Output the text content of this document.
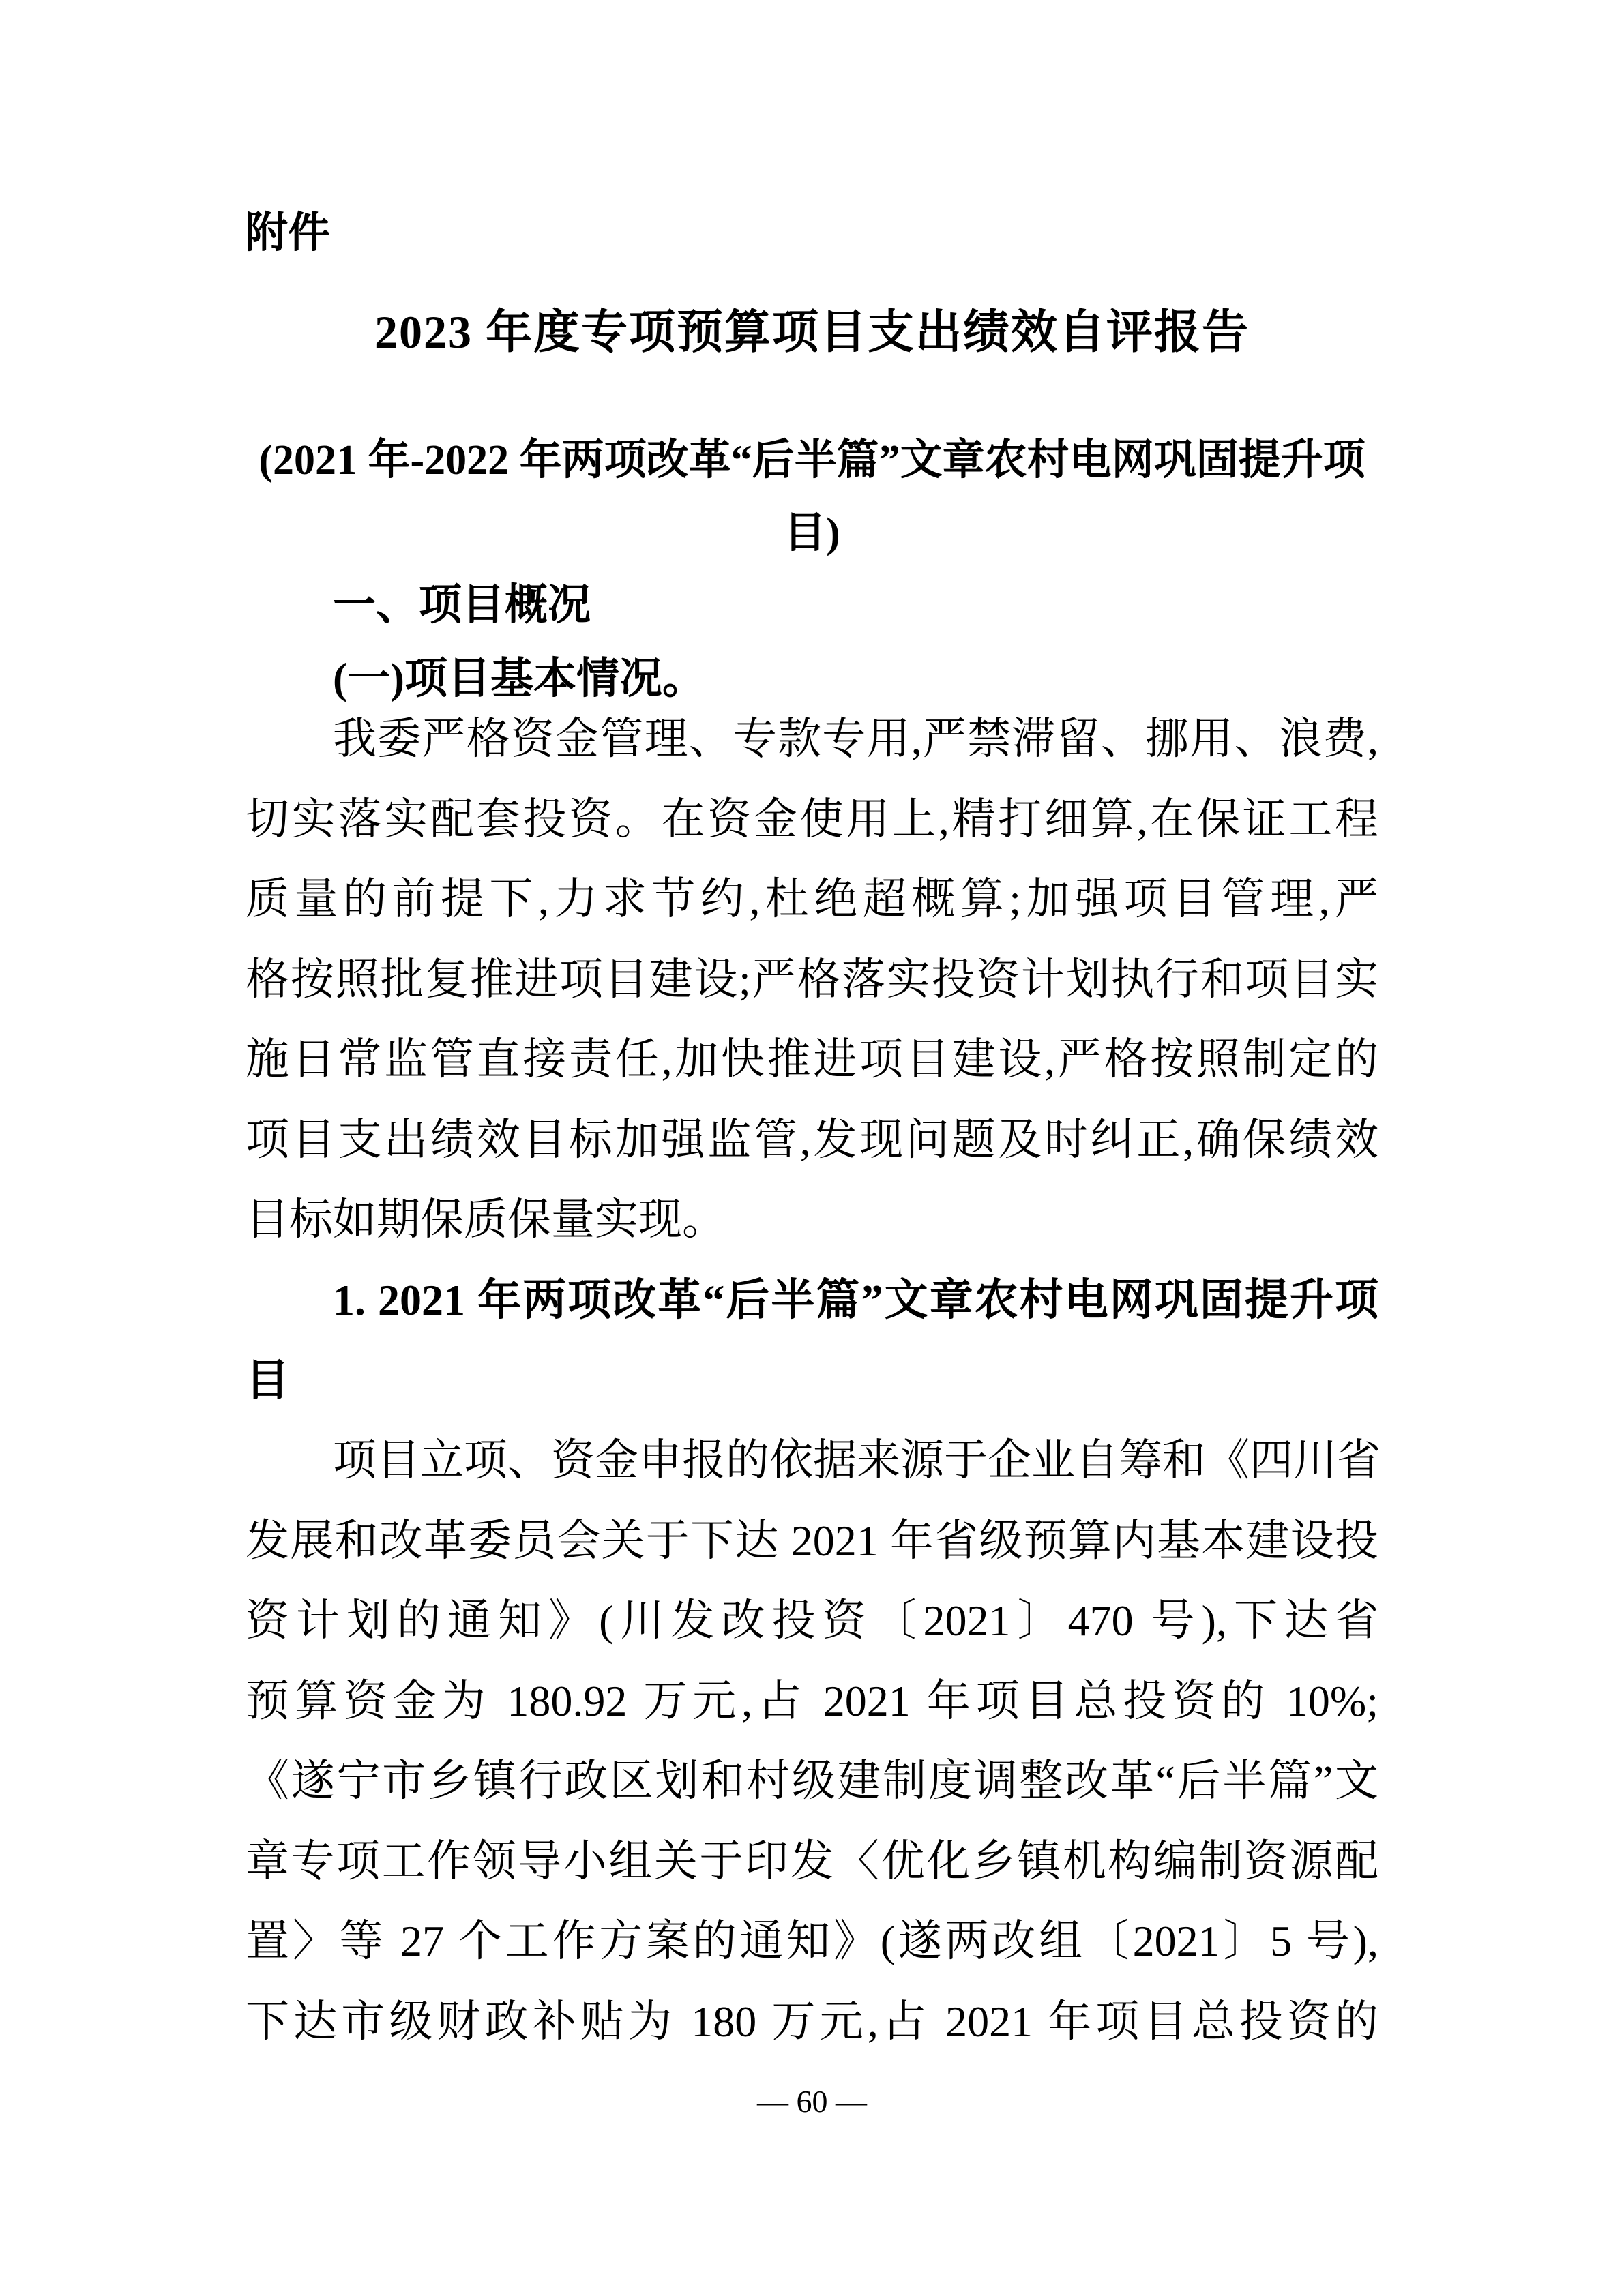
附件
2023 年度专项预算项目支出绩效自评报告
(2021 年-2022 年两项改革“后半篇”文章农村电网巩固提升项
目)
一、项目概况
(一)项目基本情况。
我委严格资金管理、专款专用,严禁滞留、挪用、浪费,
切实落实配套投资。在资金使用上,精打细算,在保证工程
质量的前提下,力求节约,杜绝超概算;加强项目管理,严
格按照批复推进项目建设;严格落实投资计划执行和项目实
施日常监管直接责任,加快推进项目建设,严格按照制定的
项目支出绩效目标加强监管,发现问题及时纠正,确保绩效
目标如期保质保量实现。
1. 2021 年两项改革“后半篇”文章农村电网巩固提升项
目
项目立项、资金申报的依据来源于企业自筹和《四川省
发展和改革委员会关于下达 2021 年省级预算内基本建设投
资计划的通知》(川发改投资〔2021〕470 号),下达省
预算资金为 180.92 万元,占 2021 年项目总投资的 10%;
《遂宁市乡镇行政区划和村级建制度调整改革“后半篇”文
章专项工作领导小组关于印发〈优化乡镇机构编制资源配
置〉等 27 个工作方案的通知》(遂两改组〔2021〕5 号),
下达市级财政补贴为 180 万元,占 2021 年项目总投资的
— 60 —
